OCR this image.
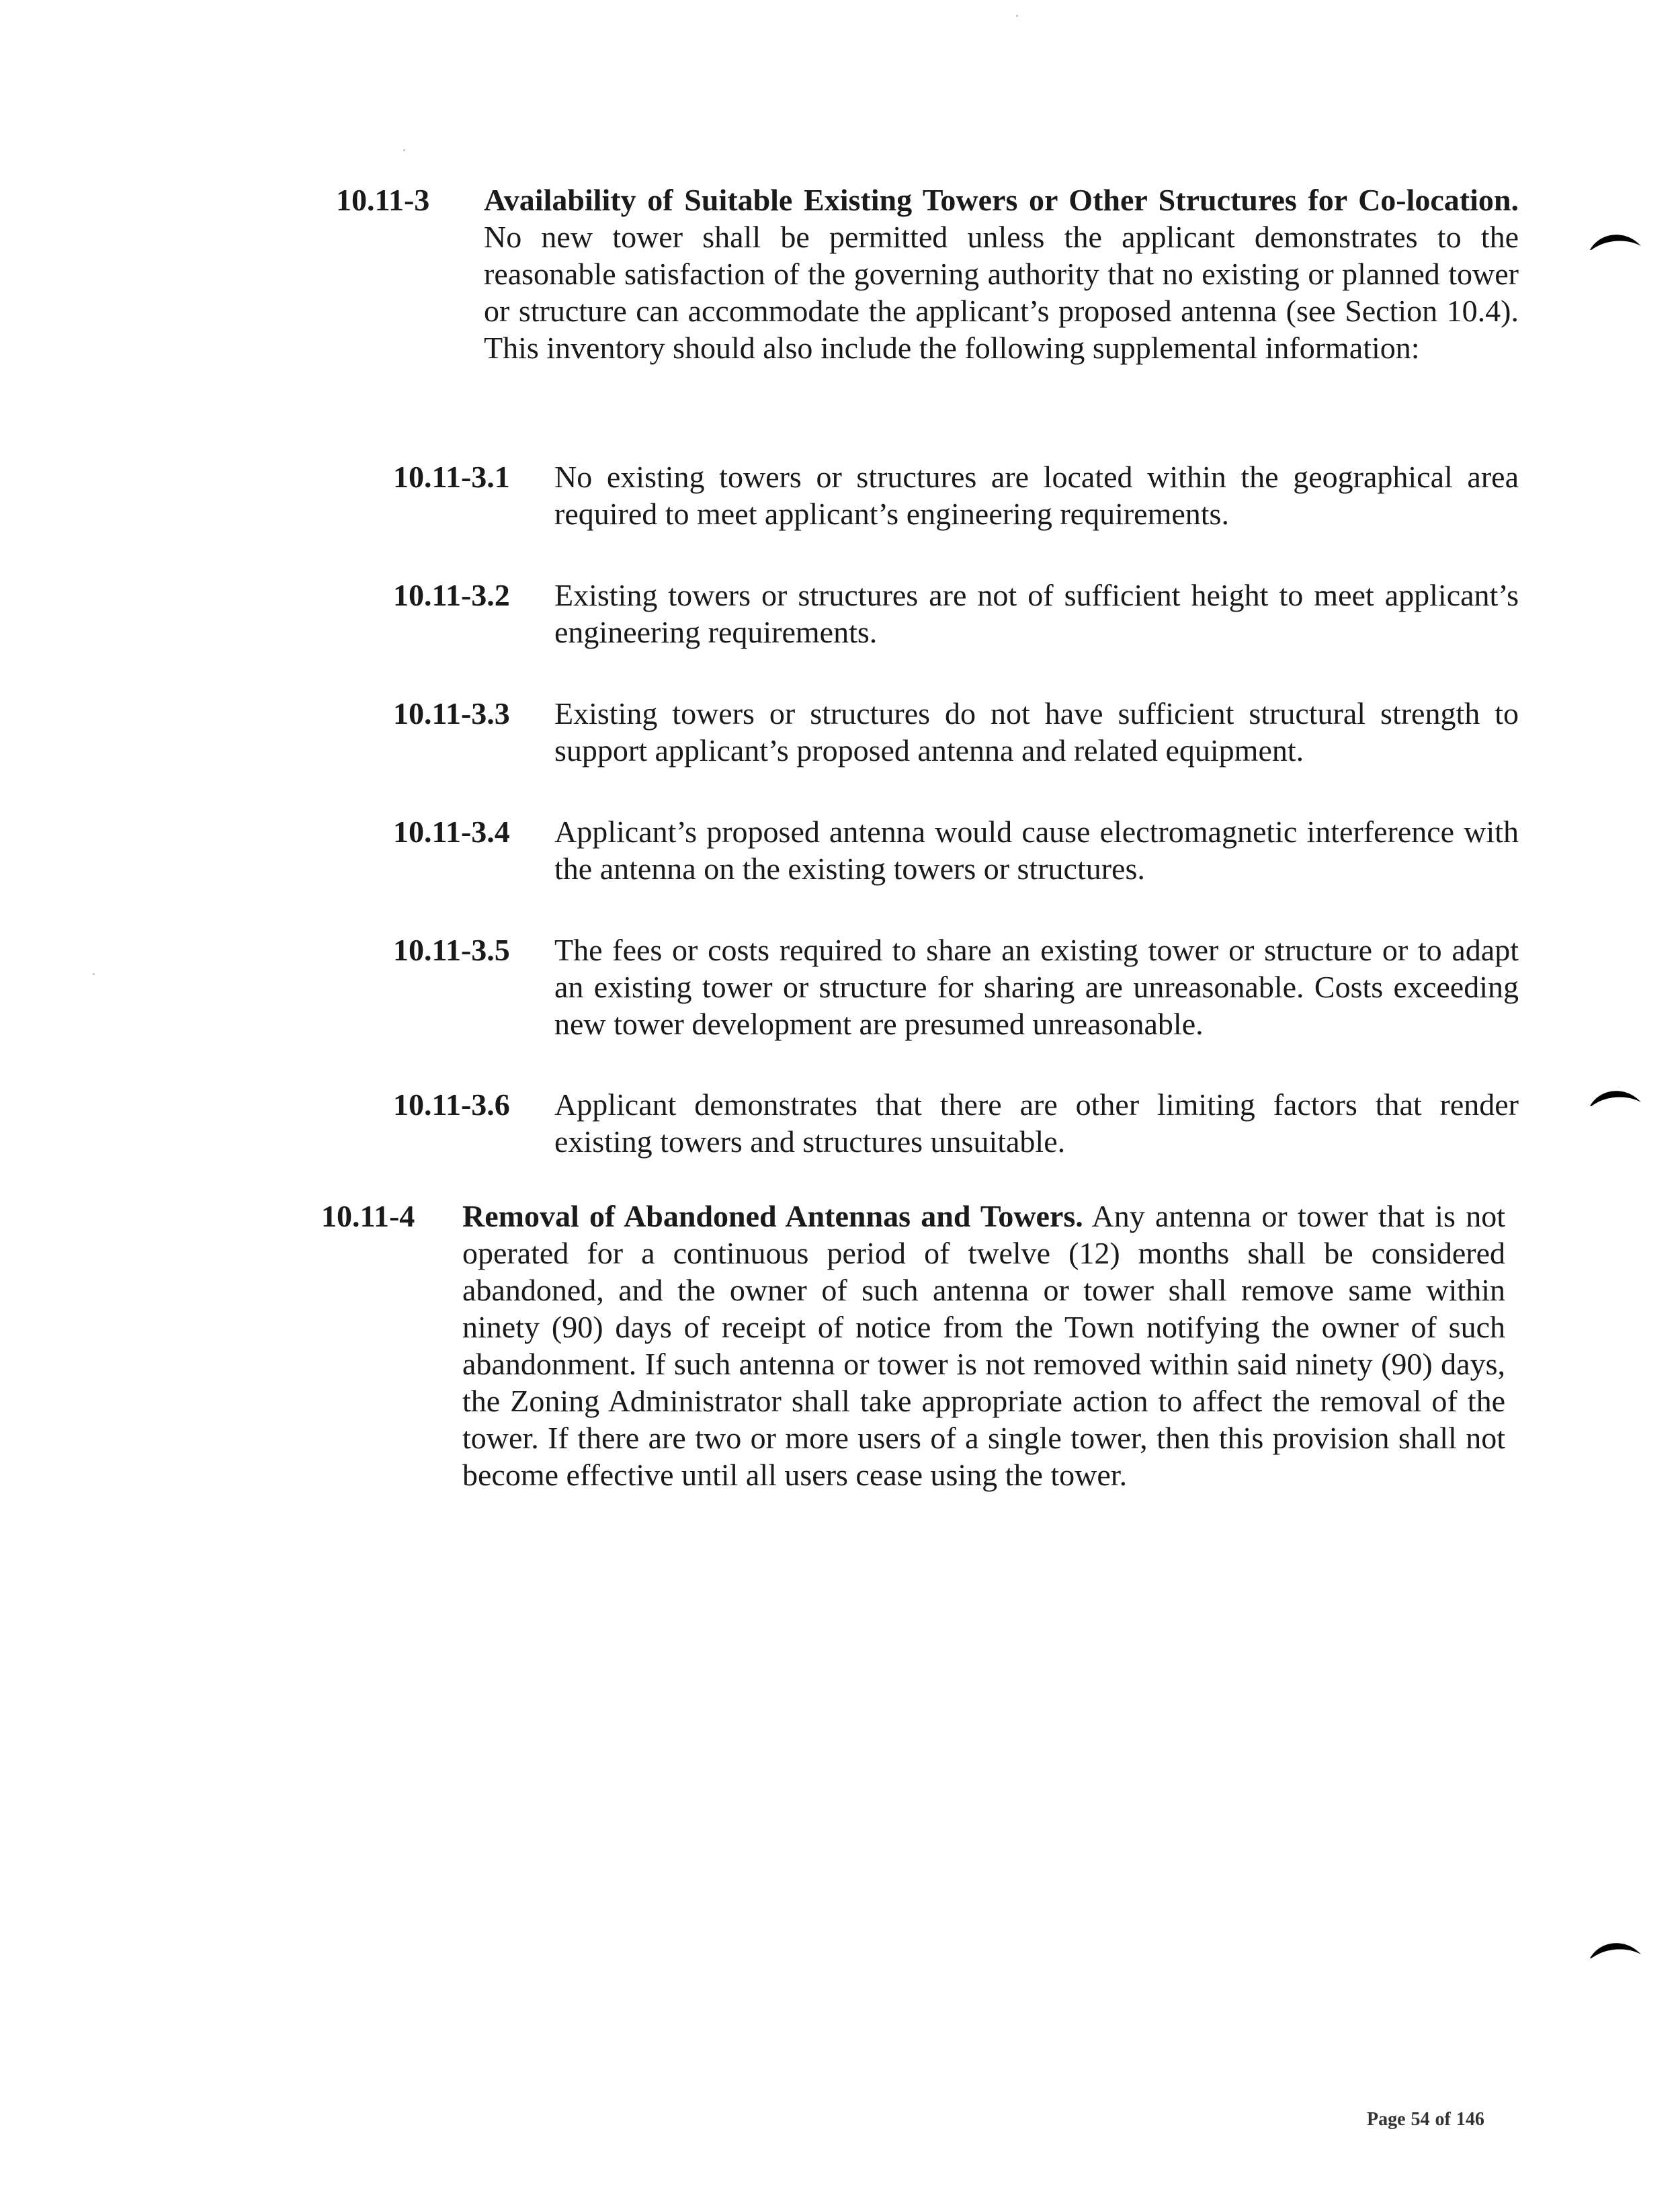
10.11-3 Availability of Suitable Existing Towers or Other Structures for Co-location. No new tower shall be permitted unless the applicant demonstrates to the reasonable satisfaction of the governing authority that no existing or planned tower or structure can accommodate the applicant’s proposed antenna (see Section 10.4). This inventory should also include the following supplemental information:
10.11-3.1 No existing towers or structures are located within the geographical area required to meet applicant’s engineering requirements.
10.11-3.2 Existing towers or structures are not of sufficient height to meet applicant’s engineering requirements.
10.11-3.3 Existing towers or structures do not have sufficient structural strength to support applicant’s proposed antenna and related equipment.
10.11-3.4 Applicant’s proposed antenna would cause electromagnetic interference with the antenna on the existing towers or structures.
10.11-3.5 The fees or costs required to share an existing tower or structure or to adapt an existing tower or structure for sharing are unreasonable. Costs exceeding new tower development are presumed unreasonable.
10.11-3.6 Applicant demonstrates that there are other limiting factors that render existing towers and structures unsuitable.
10.11-4 Removal of Abandoned Antennas and Towers. Any antenna or tower that is not operated for a continuous period of twelve (12) months shall be considered abandoned, and the owner of such antenna or tower shall remove same within ninety (90) days of receipt of notice from the Town notifying the owner of such abandonment. If such antenna or tower is not removed within said ninety (90) days, the Zoning Administrator shall take appropriate action to affect the removal of the tower. If there are two or more users of a single tower, then this provision shall not become effective until all users cease using the tower.
Page 54 of 146
